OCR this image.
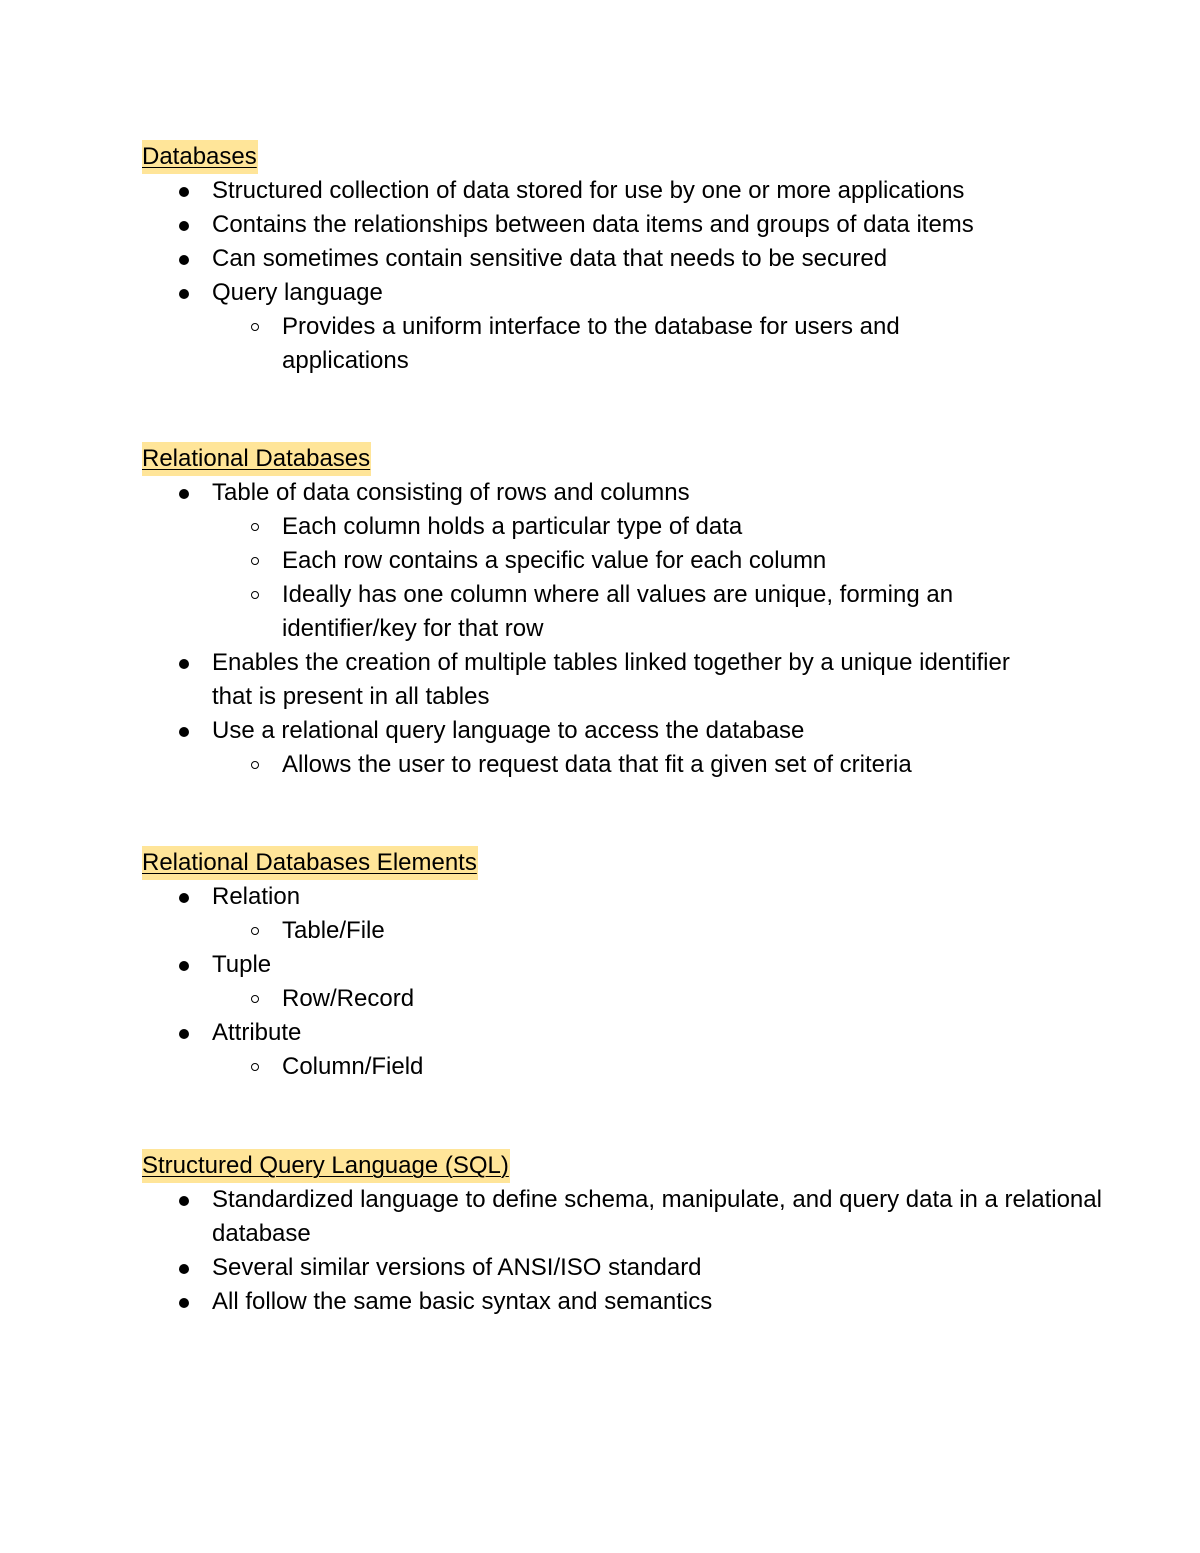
Databases
Structured collection of data stored for use by one or more applications
Contains the relationships between data items and groups of data items
Can sometimes contain sensitive data that needs to be secured
Query language
Provides a uniform interface to the database for users and applications
Relational Databases
Table of data consisting of rows and columns
Each column holds a particular type of data
Each row contains a specific value for each column
Ideally has one column where all values are unique, forming an identifier/key for that row
Enables the creation of multiple tables linked together by a unique identifier that is present in all tables
Use a relational query language to access the database
Allows the user to request data that fit a given set of criteria
Relational Databases Elements
Relation
Table/File
Tuple
Row/Record
Attribute
Column/Field
Structured Query Language (SQL)
Standardized language to define schema, manipulate, and query data in a relational database
Several similar versions of ANSI/ISO standard
All follow the same basic syntax and semantics
